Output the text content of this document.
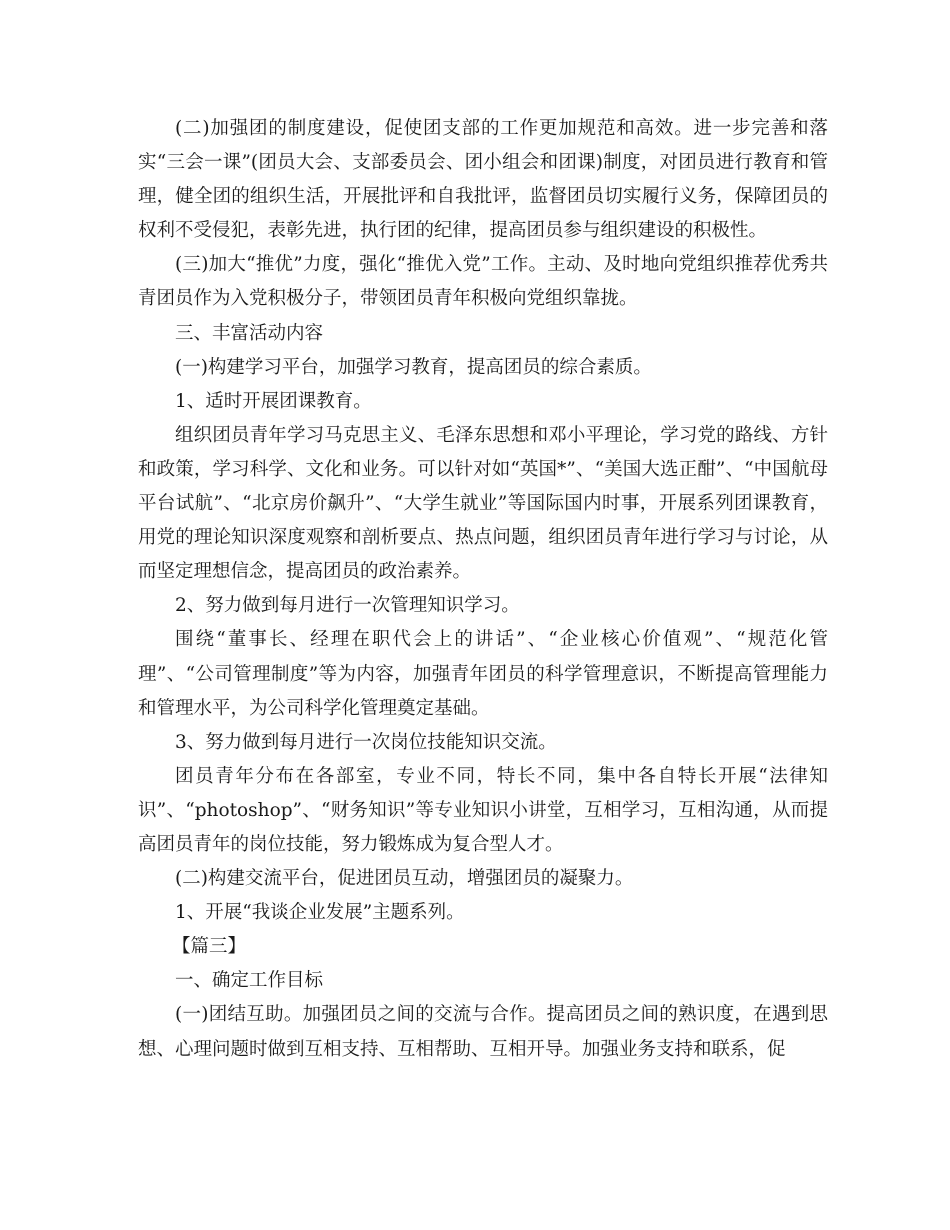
(二)加强团的制度建设，促使团支部的工作更加规范和高效。进一步完善和落实“三会一课”(团员大会、支部委员会、团小组会和团课)制度，对团员进行教育和管理，健全团的组织生活，开展批评和自我批评，监督团员切实履行义务，保障团员的权利不受侵犯，表彰先进，执行团的纪律，提高团员参与组织建设的积极性。

(三)加大“推优”力度，强化“推优入党”工作。主动、及时地向党组织推荐优秀共青团员作为入党积极分子，带领团员青年积极向党组织靠拢。

三、丰富活动内容

(一)构建学习平台，加强学习教育，提高团员的综合素质。

1、适时开展团课教育。

组织团员青年学习马克思主义、毛泽东思想和邓小平理论，学习党的路线、方针和政策，学习科学、文化和业务。可以针对如“英国*”、“美国大选正酣”、“中国航母平台试航”、“北京房价飙升”、“大学生就业”等国际国内时事，开展系列团课教育，用党的理论知识深度观察和剖析要点、热点问题，组织团员青年进行学习与讨论，从而坚定理想信念，提高团员的政治素养。

2、努力做到每月进行一次管理知识学习。

围绕“董事长、经理在职代会上的讲话”、“企业核心价值观”、“规范化管理”、“公司管理制度”等为内容，加强青年团员的科学管理意识，不断提高管理能力和管理水平，为公司科学化管理奠定基础。

3、努力做到每月进行一次岗位技能知识交流。

团员青年分布在各部室，专业不同，特长不同，集中各自特长开展“法律知识”、“photoshop”、“财务知识”等专业知识小讲堂，互相学习，互相沟通，从而提高团员青年的岗位技能，努力锻炼成为复合型人才。

(二)构建交流平台，促进团员互动，增强团员的凝聚力。

1、开展“我谈企业发展”主题系列。

【篇三】

一、确定工作目标

(一)团结互助。加强团员之间的交流与合作。提高团员之间的熟识度，在遇到思想、心理问题时做到互相支持、互相帮助、互相开导。加强业务支持和联系，促
